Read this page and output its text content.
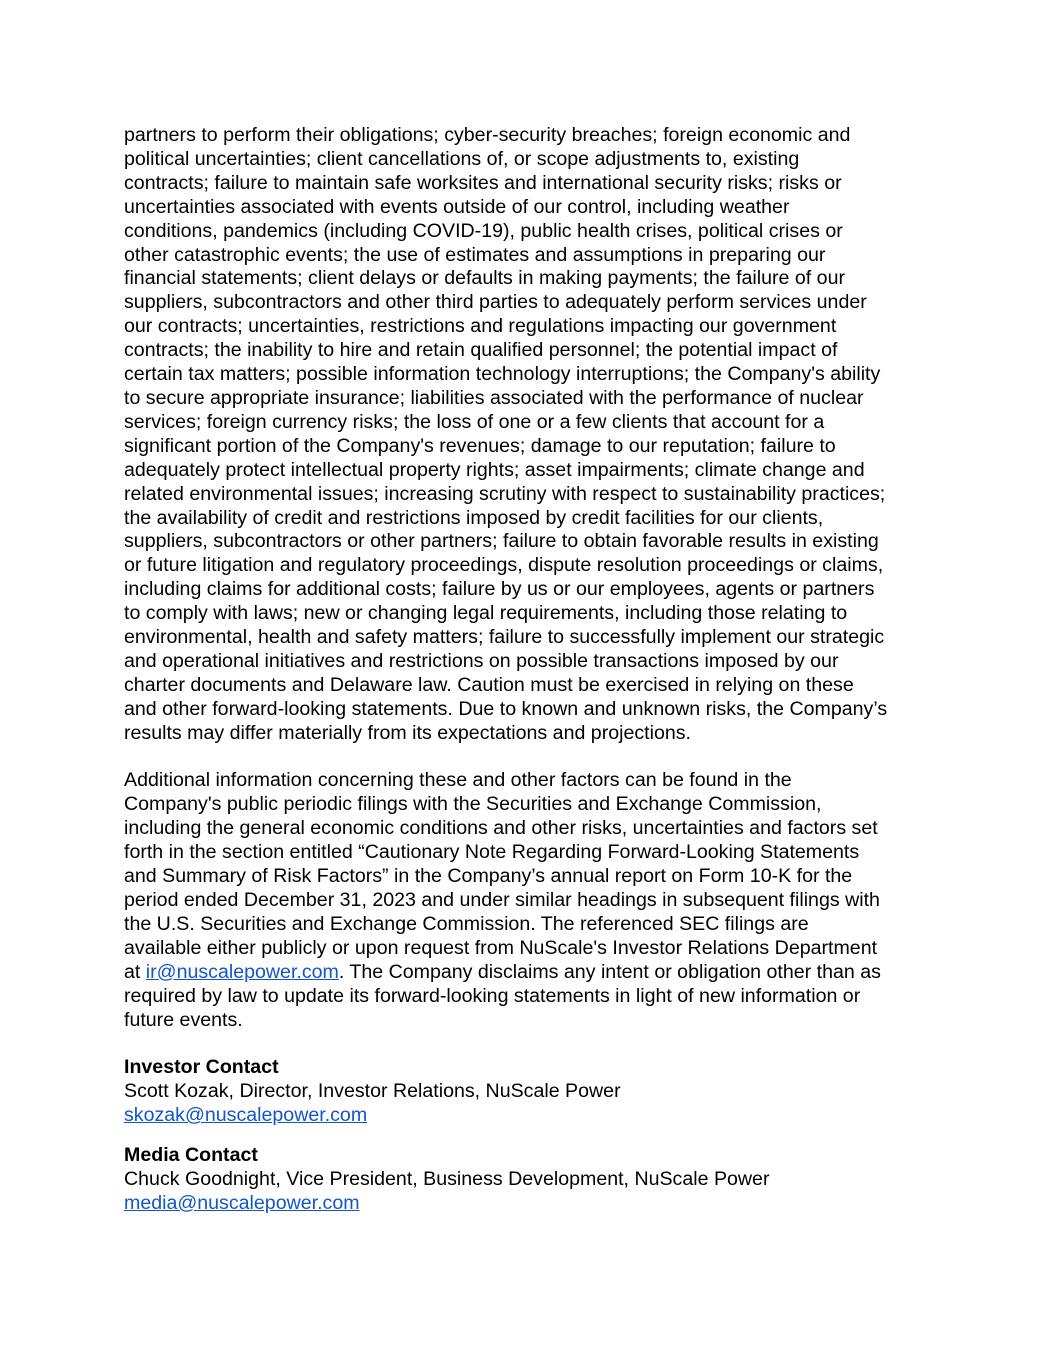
partners to perform their obligations; cyber-security breaches; foreign economic and
political uncertainties; client cancellations of, or scope adjustments to, existing
contracts; failure to maintain safe worksites and international security risks; risks or
uncertainties associated with events outside of our control, including weather
conditions, pandemics (including COVID-19), public health crises, political crises or
other catastrophic events; the use of estimates and assumptions in preparing our
financial statements; client delays or defaults in making payments; the failure of our
suppliers, subcontractors and other third parties to adequately perform services under
our contracts; uncertainties, restrictions and regulations impacting our government
contracts; the inability to hire and retain qualified personnel; the potential impact of
certain tax matters; possible information technology interruptions; the Company's ability
to secure appropriate insurance; liabilities associated with the performance of nuclear
services; foreign currency risks; the loss of one or a few clients that account for a
significant portion of the Company's revenues; damage to our reputation; failure to
adequately protect intellectual property rights; asset impairments; climate change and
related environmental issues; increasing scrutiny with respect to sustainability practices;
the availability of credit and restrictions imposed by credit facilities for our clients,
suppliers, subcontractors or other partners; failure to obtain favorable results in existing
or future litigation and regulatory proceedings, dispute resolution proceedings or claims,
including claims for additional costs; failure by us or our employees, agents or partners
to comply with laws; new or changing legal requirements, including those relating to
environmental, health and safety matters; failure to successfully implement our strategic
and operational initiatives and restrictions on possible transactions imposed by our
charter documents and Delaware law. Caution must be exercised in relying on these
and other forward-looking statements. Due to known and unknown risks, the Company’s
results may differ materially from its expectations and projections.
Additional information concerning these and other factors can be found in the
Company's public periodic filings with the Securities and Exchange Commission,
including the general economic conditions and other risks, uncertainties and factors set
forth in the section entitled “Cautionary Note Regarding Forward-Looking Statements
and Summary of Risk Factors” in the Company’s annual report on Form 10-K for the
period ended December 31, 2023 and under similar headings in subsequent filings with
the U.S. Securities and Exchange Commission. The referenced SEC filings are
available either publicly or upon request from NuScale's Investor Relations Department
at ir@nuscalepower.com. The Company disclaims any intent or obligation other than as
required by law to update its forward-looking statements in light of new information or
future events.
Investor Contact
Scott Kozak, Director, Investor Relations, NuScale Power
skozak@nuscalepower.com
Media Contact
Chuck Goodnight, Vice President, Business Development, NuScale Power
media@nuscalepower.com
